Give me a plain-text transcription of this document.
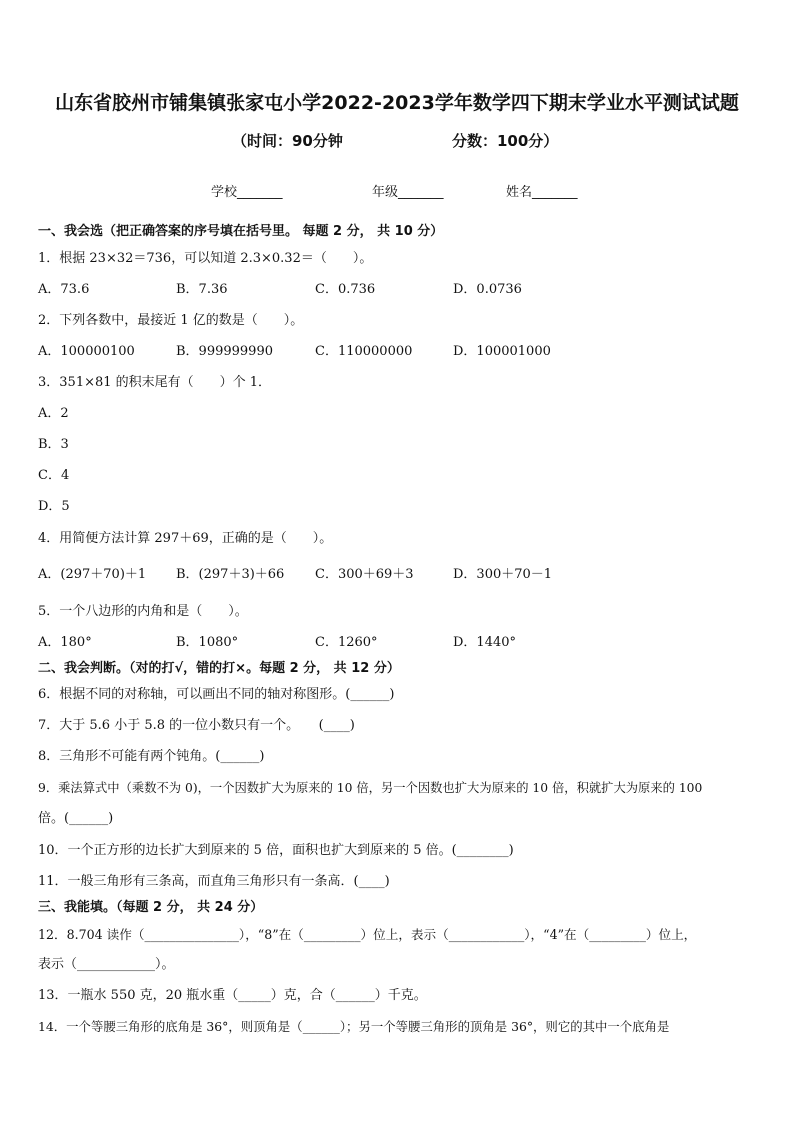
山东省胶州市铺集镇张家屯小学2022-2023学年数学四下期末学业水平测试试题
（时间：90分钟	分数：100分）
学校_______	年级_______	姓名_______
一、我会选（把正确答案的序号填在括号里。 每题 2 分， 共 10 分）
1．根据 23×32＝736，可以知道 2.3×0.32＝（　　）。
A．73.6	B．7.36	C．0.736	D．0.0736
2．下列各数中，最接近 1 亿的数是（　　）。
A．100000100	B．999999990	C．110000000	D．100001000
3．351×81 的积末尾有（　　）个 1．
A．2
B．3
C．4
D．5
4．用简便方法计算 297＋69，正确的是（　　）。
A．(297＋70)＋1 B．(297＋3)＋66 C．300＋69＋3	D．300＋70－1
5．一个八边形的内角和是（　　）。
A．180°	B．1080°	C．1260°	D．1440°
二、我会判断。（对的打√，错的打×。每题 2 分， 共 12 分）
6．根据不同的对称轴，可以画出不同的轴对称图形。(______)
7．大于 5.6 小于 5.8 的一位小数只有一个。　　(____)
8．三角形不可能有两个钝角。(______)
9．乘法算式中（乘数不为 0)，一个因数扩大为原来的 10 倍，另一个因数也扩大为原来的 10 倍，积就扩大为原来的 100
倍。(______)
10．一个正方形的边长扩大到原来的 5 倍，面积也扩大到原来的 5 倍。(________)
11．一般三角形有三条高，而直角三角形只有一条高．(____)
三、我能填。（每题 2 分， 共 24 分）
12．8.704 读作（_______________），“8”在（_________）位上，表示（____________），“4”在（_________）位上，
表示（____________）。
13．一瓶水 550 克，20 瓶水重（_____）克，合（______）千克。
14．一个等腰三角形的底角是 36°，则顶角是（______）；另一个等腰三角形的顶角是 36°，则它的其中一个底角是
